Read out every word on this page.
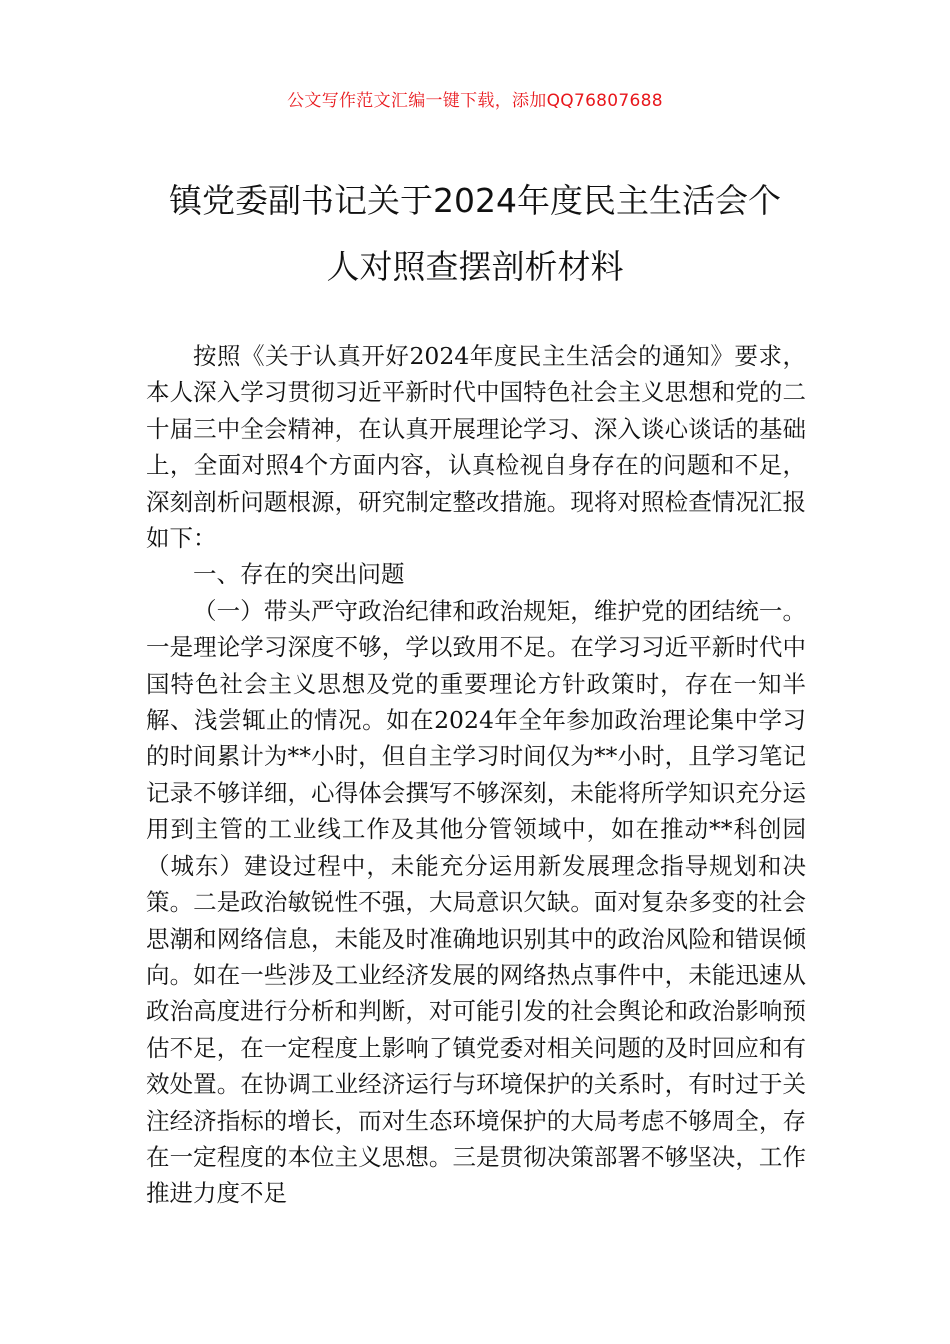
公文写作范文汇编一键下载，添加QQ76807688
镇党委副书记关于2024年度民主生活会个
人对照查摆剖析材料

按照《关于认真开好2024年度民主生活会的通知》要求，本人深入学习贯彻习近平新时代中国特色社会主义思想和党的二十届三中全会精神，在认真开展理论学习、深入谈心谈话的基础上，全面对照4个方面内容，认真检视自身存在的问题和不足，深刻剖析问题根源，研究制定整改措施。现将对照检查情况汇报如下：

一、存在的突出问题

（一）带头严守政治纪律和政治规矩，维护党的团结统一。一是理论学习深度不够，学以致用不足。在学习习近平新时代中国特色社会主义思想及党的重要理论方针政策时，存在一知半解、浅尝辄止的情况。如在2024年全年参加政治理论集中学习的时间累计为**小时，但自主学习时间仅为**小时，且学习笔记记录不够详细，心得体会撰写不够深刻，未能将所学知识充分运用到主管的工业线工作及其他分管领域中，如在推动**科创园（城东）建设过程中，未能充分运用新发展理念指导规划和决策。二是政治敏锐性不强，大局意识欠缺。面对复杂多变的社会思潮和网络信息，未能及时准确地识别其中的政治风险和错误倾向。如在一些涉及工业经济发展的网络热点事件中，未能迅速从政治高度进行分析和判断，对可能引发的社会舆论和政治影响预估不足，在一定程度上影响了镇党委对相关问题的及时回应和有效处置。在协调工业经济运行与环境保护的关系时，有时过于关注经济指标的增长，而对生态环境保护的大局考虑不够周全，存在一定程度的本位主义思想。三是贯彻决策部署不够坚决，工作推进力度不足
